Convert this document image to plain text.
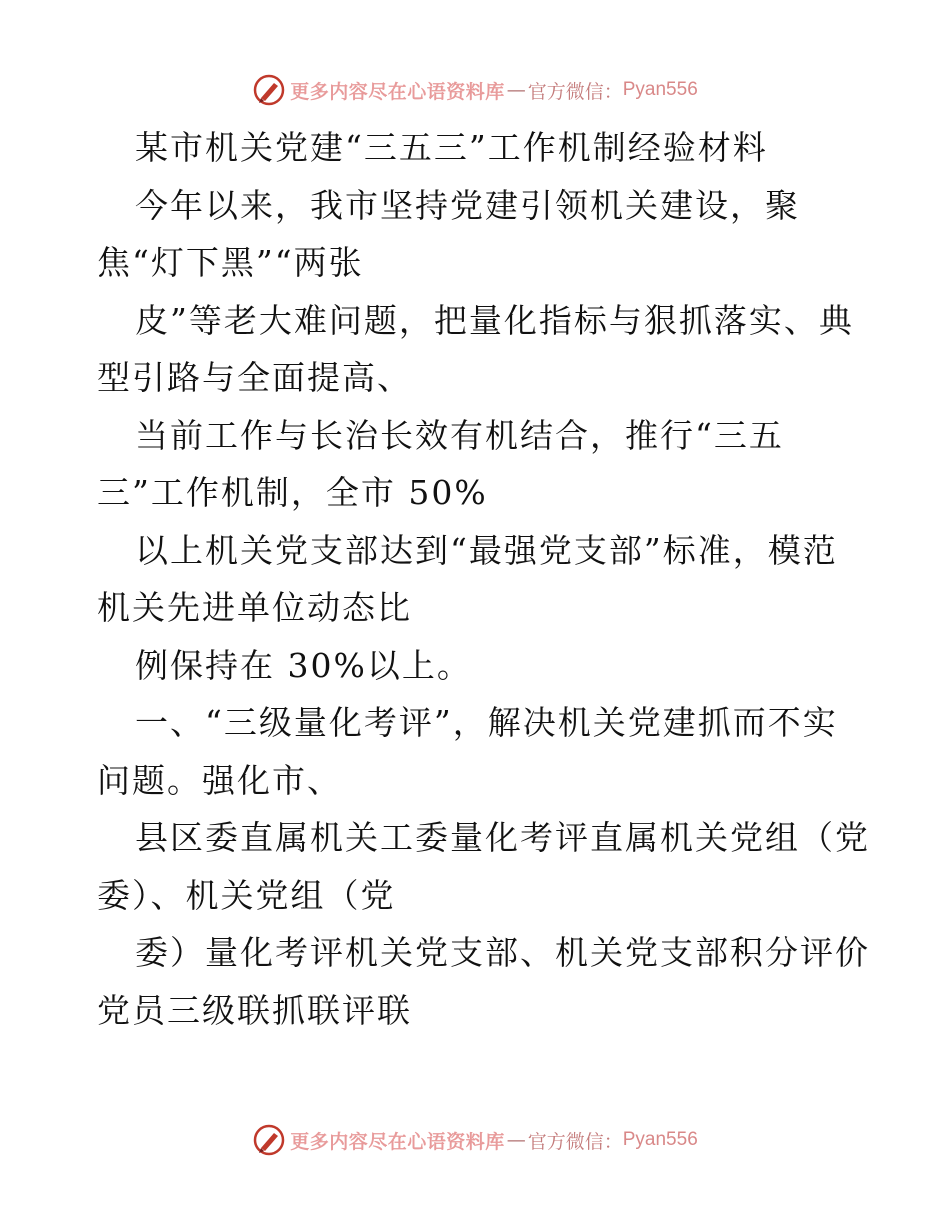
更多内容尽在心语资料库 — 官方微信： Pyan556
某市机关党建“三五三”工作机制经验材料
今年以来，我市坚持党建引领机关建设，聚
焦“灯下黑”“两张
皮”等老大难问题，把量化指标与狠抓落实、典
型引路与全面提高、
当前工作与长治长效有机结合，推行“三五
三”工作机制，全市 50%
以上机关党支部达到“最强党支部”标准，模范
机关先进单位动态比
例保持在 30%以上。
一、“三级量化考评”，解决机关党建抓而不实
问题。强化市、
县区委直属机关工委量化考评直属机关党组（党
委）、机关党组（党
委）量化考评机关党支部、机关党支部积分评价
党员三级联抓联评联
更多内容尽在心语资料库 — 官方微信： Pyan556
